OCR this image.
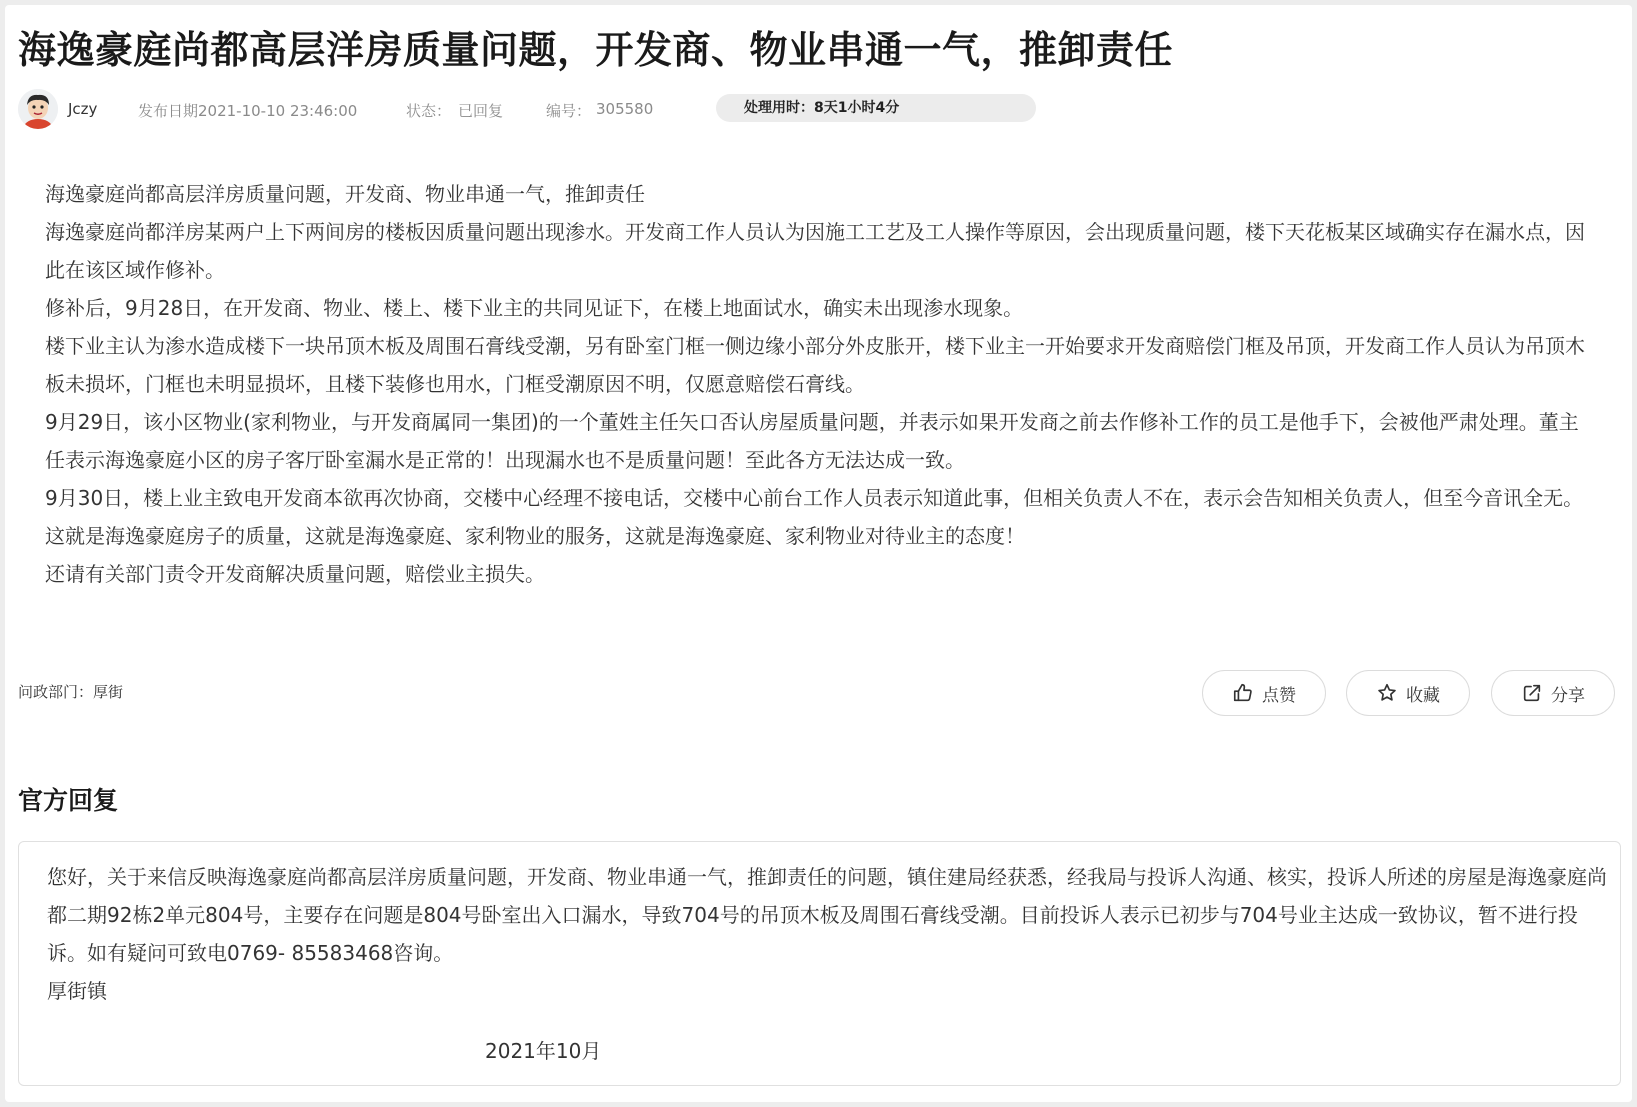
海逸豪庭尚都高层洋房质量问题，开发商、物业串通一气，推卸责任
Jczy	发布日期2021-10-10 23:46:00	状态： 已回复	编号： 305580	处理用时：8天1小时4分

海逸豪庭尚都高层洋房质量问题，开发商、物业串通一气，推卸责任

海逸豪庭尚都洋房某两户上下两间房的楼板因质量问题出现渗水。开发商工作人员认为因施工工艺及工人操作等原因，会出现质量问题，楼下天花板某区域确实存在漏水点，因此在该区域作修补。

修补后，9月28日，在开发商、物业、楼上、楼下业主的共同见证下，在楼上地面试水，确实未出现渗水现象。

楼下业主认为渗水造成楼下一块吊顶木板及周围石膏线受潮，另有卧室门框一侧边缘小部分外皮胀开，楼下业主一开始要求开发商赔偿门框及吊顶，开发商工作人员认为吊顶木板未损坏，门框也未明显损坏，且楼下装修也用水，门框受潮原因不明，仅愿意赔偿石膏线。

9月29日，该小区物业(家利物业，与开发商属同一集团)的一个董姓主任矢口否认房屋质量问题，并表示如果开发商之前去作修补工作的员工是他手下，会被他严肃处理。董主任表示海逸豪庭小区的房子客厅卧室漏水是正常的！出现漏水也不是质量问题！至此各方无法达成一致。

9月30日，楼上业主致电开发商本欲再次协商，交楼中心经理不接电话，交楼中心前台工作人员表示知道此事，但相关负责人不在，表示会告知相关负责人，但至今音讯全无。

这就是海逸豪庭房子的质量，这就是海逸豪庭、家利物业的服务，这就是海逸豪庭、家利物业对待业主的态度！

还请有关部门责令开发商解决质量问题，赔偿业主损失。

问政部门：厚街	点赞	收藏	分享
官方回复

您好，关于来信反映海逸豪庭尚都高层洋房质量问题，开发商、物业串通一气，推卸责任的问题，镇住建局经获悉，经我局与投诉人沟通、核实，投诉人所述的房屋是海逸豪庭尚都二期92栋2单元804号，主要存在问题是804号卧室出入口漏水，导致704号的吊顶木板及周围石膏线受潮。目前投诉人表示已初步与704号业主达成一致协议，暂不进行投诉。如有疑问可致电0769- 85583468咨询。

厚街镇

2021年10月
